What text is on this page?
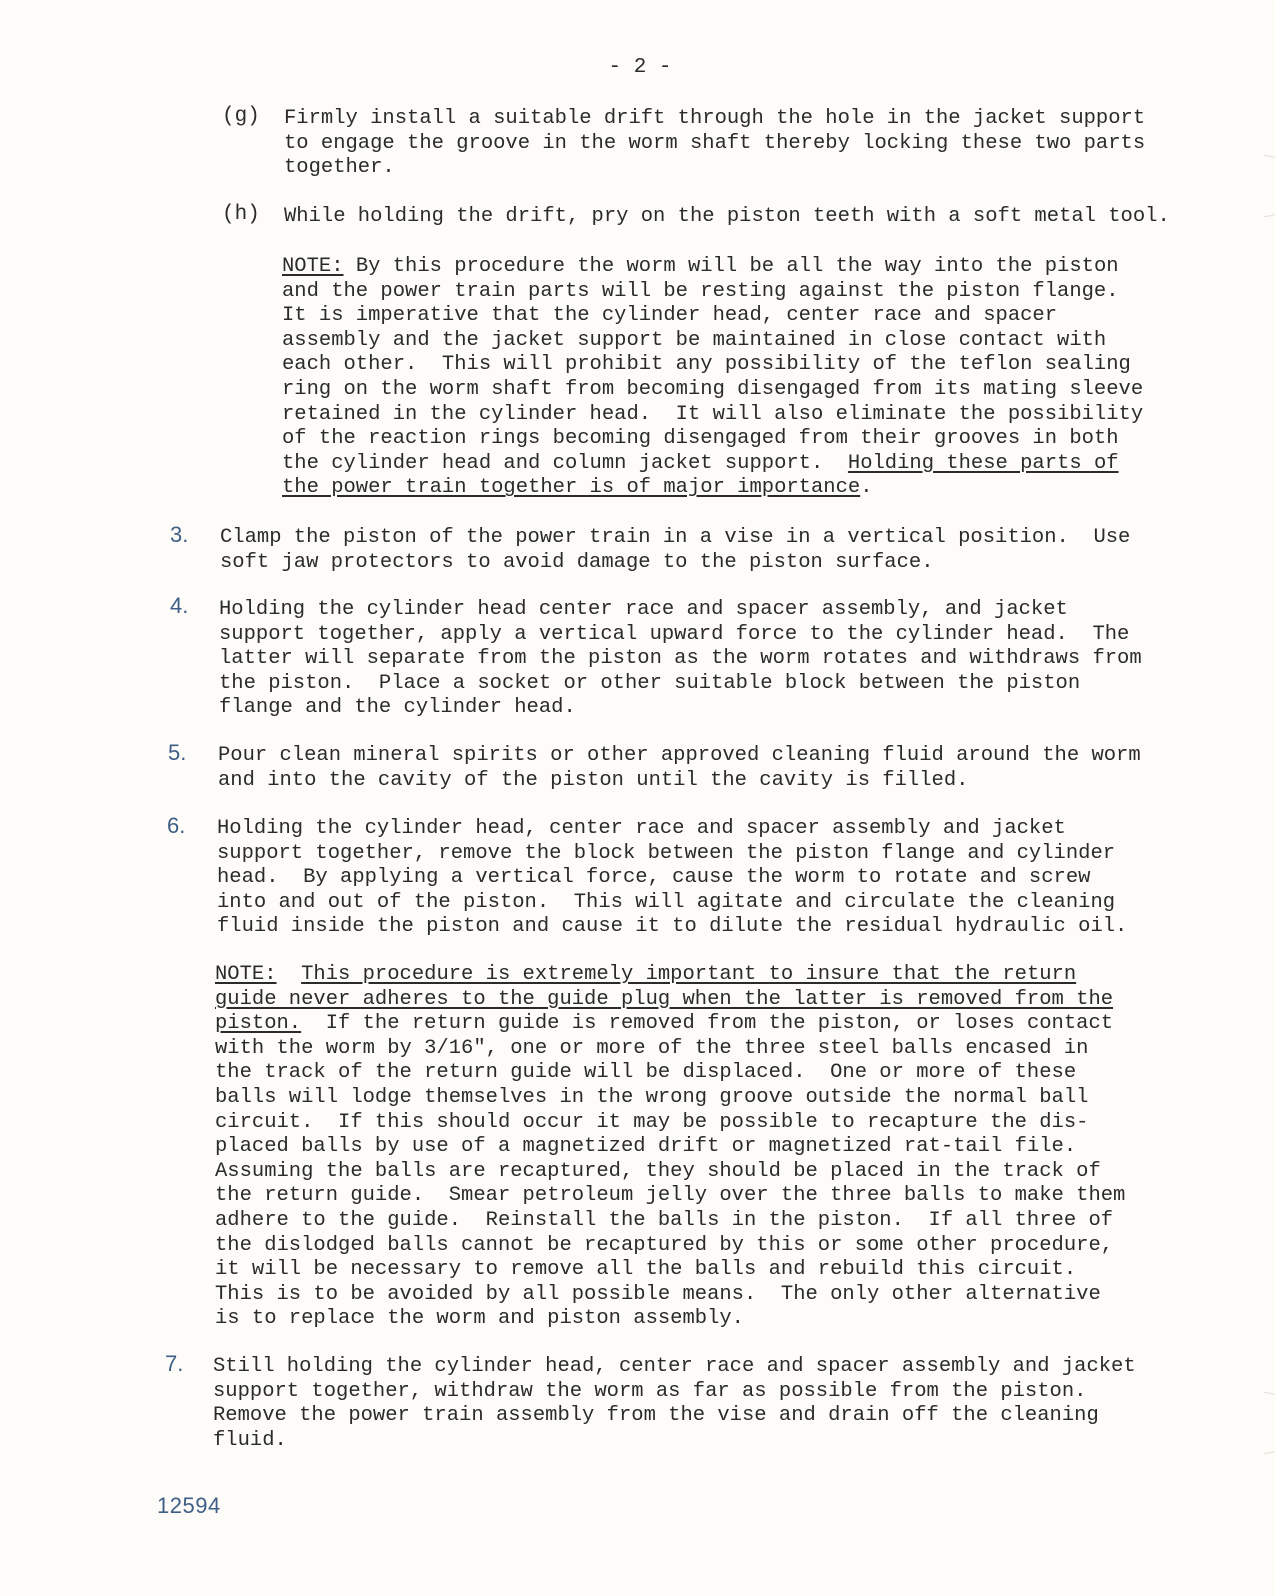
- 2 -
(g) Firmly install a suitable drift through the hole in the jacket support
to engage the groove in the worm shaft thereby locking these two parts
together.
(h) While holding the drift, pry on the piston teeth with a soft metal tool.
NOTE: By this procedure the worm will be all the way into the piston
and the power train parts will be resting against the piston flange.
It is imperative that the cylinder head, center race and spacer
assembly and the jacket support be maintained in close contact with
each other.  This will prohibit any possibility of the teflon sealing
ring on the worm shaft from becoming disengaged from its mating sleeve
retained in the cylinder head.  It will also eliminate the possibility
of the reaction rings becoming disengaged from their grooves in both
the cylinder head and column jacket support.  Holding these parts of
the power train together is of major importance.
3. Clamp the piston of the power train in a vise in a vertical position.  Use
soft jaw protectors to avoid damage to the piston surface.
4. Holding the cylinder head center race and spacer assembly, and jacket
support together, apply a vertical upward force to the cylinder head.  The
latter will separate from the piston as the worm rotates and withdraws from
the piston.  Place a socket or other suitable block between the piston
flange and the cylinder head.
5. Pour clean mineral spirits or other approved cleaning fluid around the worm
and into the cavity of the piston until the cavity is filled.
6. Holding the cylinder head, center race and spacer assembly and jacket
support together, remove the block between the piston flange and cylinder
head.  By applying a vertical force, cause the worm to rotate and screw
into and out of the piston.  This will agitate and circulate the cleaning
fluid inside the piston and cause it to dilute the residual hydraulic oil.
NOTE: This procedure is extremely important to insure that the return
guide never adheres to the guide plug when the latter is removed from the
piston.  If the return guide is removed from the piston, or loses contact
with the worm by 3/16", one or more of the three steel balls encased in
the track of the return guide will be displaced.  One or more of these
balls will lodge themselves in the wrong groove outside the normal ball
circuit.  If this should occur it may be possible to recapture the dis-
placed balls by use of a magnetized drift or magnetized rat-tail file.
Assuming the balls are recaptured, they should be placed in the track of
the return guide.  Smear petroleum jelly over the three balls to make them
adhere to the guide.  Reinstall the balls in the piston.  If all three of
the dislodged balls cannot be recaptured by this or some other procedure,
it will be necessary to remove all the balls and rebuild this circuit.
This is to be avoided by all possible means.  The only other alternative
is to replace the worm and piston assembly.
7. Still holding the cylinder head, center race and spacer assembly and jacket
support together, withdraw the worm as far as possible from the piston.
Remove the power train assembly from the vise and drain off the cleaning
fluid.
12594
